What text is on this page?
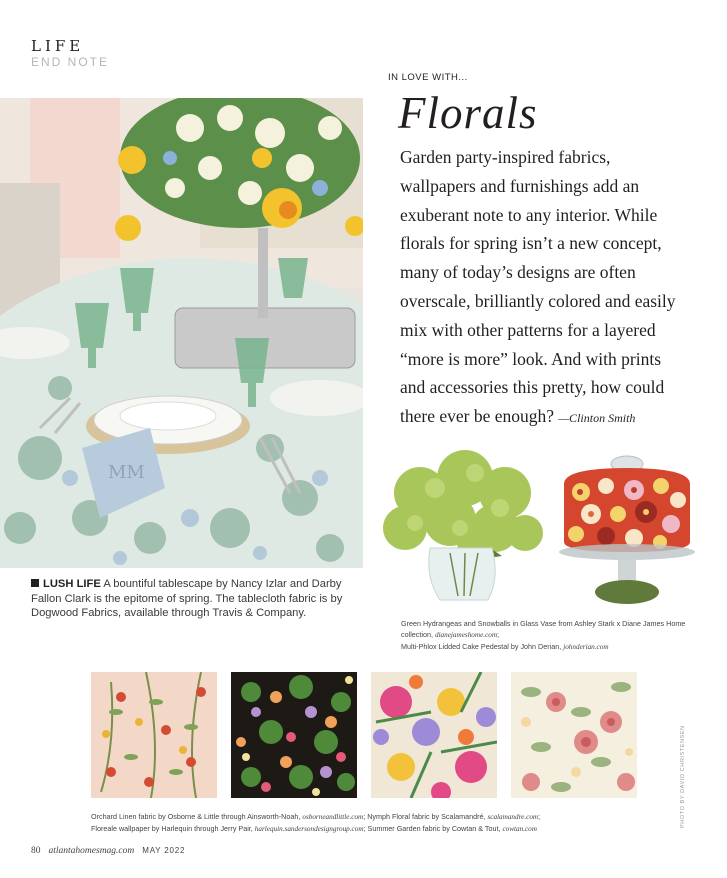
LIFE
END NOTE
IN LOVE WITH...
Florals
Garden party-inspired fabrics, wallpapers and furnishings add an exuberant note to any interior. While florals for spring isn’t a new concept, many of today’s designs are often overscale, brilliantly colored and easily mix with other patterns for a layered “more is more” look. And with prints and accessories this pretty, how could there ever be enough? —Clinton Smith
MM
LUSH LIFE A bountiful tablescape by Nancy Izlar and Darby Fallon Clark is the epitome of spring. The tablecloth fabric is by Dogwood Fabrics, available through Travis & Company.
Green Hydrangeas and Snowballs in Glass Vase from Ashley Stark x Diane James Home collection, dianejameshome.com;
Multi-Phlox Lidded Cake Pedestal by John Derian, johnderian.com
PHOTO BY DAVID CHRISTENSEN
Orchard Linen fabric by Osborne & Little through Ainsworth-Noah, osborneandlittle.com; Nymph Floral fabric by Scalamandré, scalamandre.com;
Floreale wallpaper by Harlequin through Jerry Pair, harlequin.sandersondesigngroup.com; Summer Garden fabric by Cowtan & Tout, cowtan.com
80 atlantahomesmag.com MAY 2022
